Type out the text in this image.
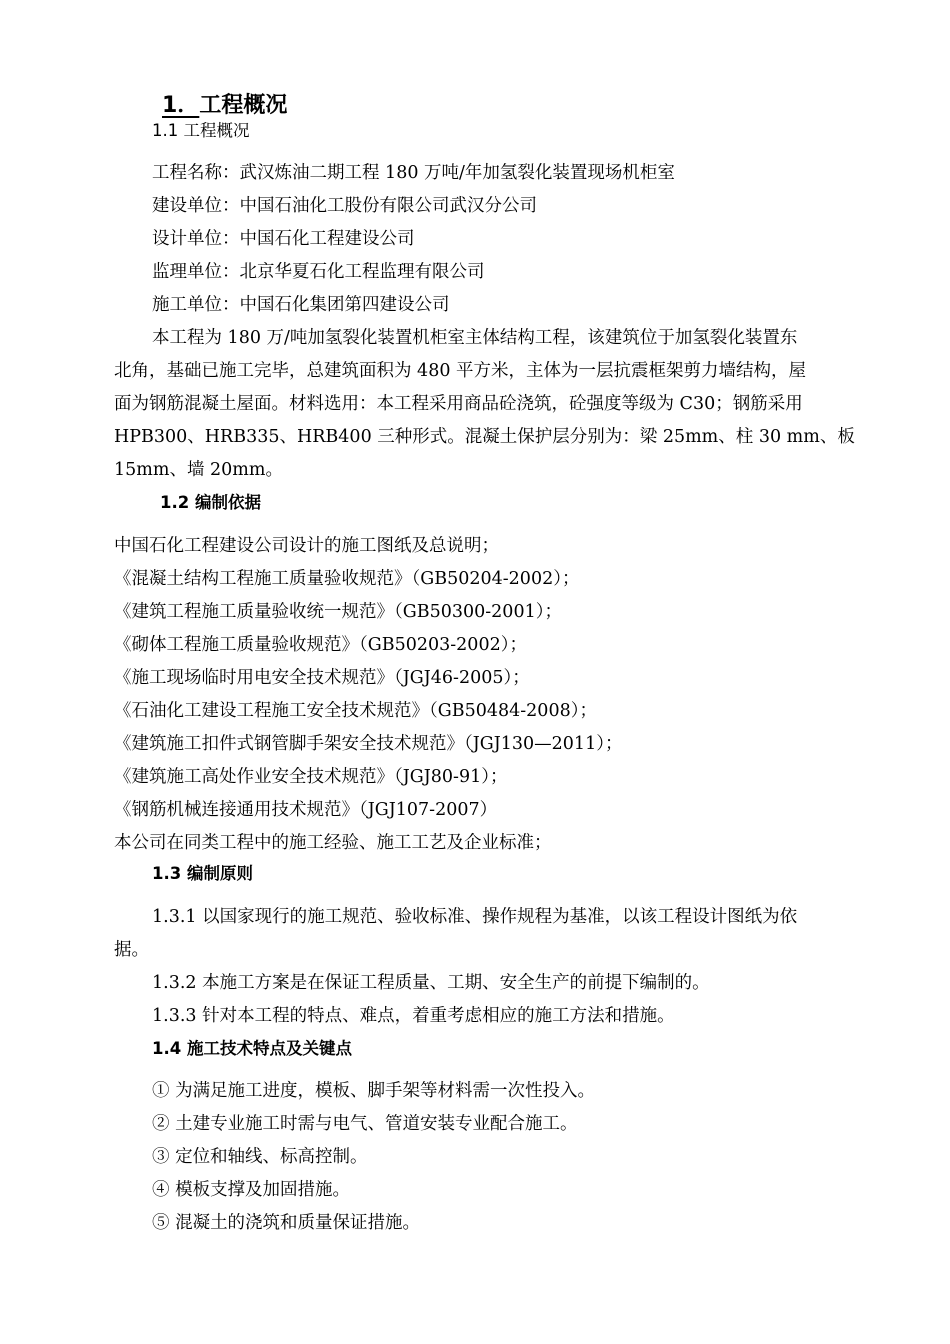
1．工程概况
1.1 工程概况
工程名称：武汉炼油二期工程 180 万吨/年加氢裂化装置现场机柜室
建设单位：中国石油化工股份有限公司武汉分公司
设计单位：中国石化工程建设公司
监理单位：北京华夏石化工程监理有限公司
施工单位：中国石化集团第四建设公司
本工程为 180 万/吨加氢裂化装置机柜室主体结构工程，该建筑位于加氢裂化装置东
北角，基础已施工完毕，总建筑面积为 480 平方米，主体为一层抗震框架剪力墙结构，屋
面为钢筋混凝土屋面。材料选用：本工程采用商品砼浇筑，砼强度等级为 C30；钢筋采用
HPB300、HRB335、HRB400 三种形式。混凝土保护层分别为：梁 25mm、柱 30 mm、板
15mm、墙 20mm。
1.2 编制依据
中国石化工程建设公司设计的施工图纸及总说明；
《混凝土结构工程施工质量验收规范》（GB50204-2002）；
《建筑工程施工质量验收统一规范》（GB50300-2001）；
《砌体工程施工质量验收规范》（GB50203-2002）；
《施工现场临时用电安全技术规范》（JGJ46-2005）；
《石油化工建设工程施工安全技术规范》（GB50484-2008）；
《建筑施工扣件式钢管脚手架安全技术规范》（JGJ130—2011）；
《建筑施工高处作业安全技术规范》（JGJ80-91）；
《钢筋机械连接通用技术规范》（JGJ107-2007）
本公司在同类工程中的施工经验、施工工艺及企业标准；
1.3 编制原则
1.3.1 以国家现行的施工规范、验收标准、操作规程为基准，以该工程设计图纸为依
据。
1.3.2 本施工方案是在保证工程质量、工期、安全生产的前提下编制的。
1.3.3 针对本工程的特点、难点，着重考虑相应的施工方法和措施。
1.4 施工技术特点及关键点
① 为满足施工进度，模板、脚手架等材料需一次性投入。
② 土建专业施工时需与电气、管道安装专业配合施工。
③ 定位和轴线、标高控制。
④ 模板支撑及加固措施。
⑤ 混凝土的浇筑和质量保证措施。
